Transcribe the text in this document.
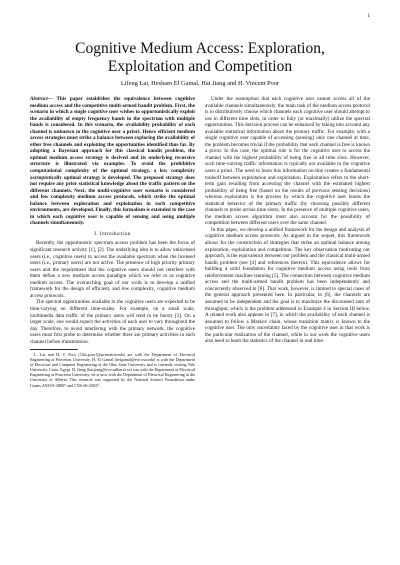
1
Cognitive Medium Access: Exploration,
Exploitation and Competition
Lifeng Lai, Hesham El Gamal, Hai Jiang and H. Vincent Poor

Abstract— This paper establishes the equivalence between cognitive medium access and the competitive multi-armed bandit problem. First, the scenario in which a single cognitive user wishes to opportunistically exploit the availability of empty frequency bands in the spectrum with multiple bands is considered. In this scenario, the availability probability of each channel is unknown to the cognitive user a priori. Hence efficient medium access strategies must strike a balance between exploring the availability of other free channels and exploiting the opportunities identified thus far. By adopting a Bayesian approach for this classical bandit problem, the optimal medium access strategy is derived and its underlying recursive structure is illustrated via examples. To avoid the prohibitive computational complexity of the optimal strategy, a low complexity asymptotically optimal strategy is developed. The proposed strategy does not require any prior statistical knowledge about the traffic pattern on the different channels. Next, the multi-cognitive user scenario is considered and low complexity medium access protocols, which strike the optimal balance between exploration and exploitation in such competitive environments, are developed. Finally, this formalism is extended to the case in which each cognitive user is capable of sensing and using multiple channels simultaneously.

I. Introduction

Recently, the opportunistic spectrum access problem has been the focus of significant research activity [1], [2]. The underlying idea is to allow unlicensed users (i.e., cognitive users) to access the available spectrum when the licensed users (i.e., primary users) are not active. The presence of high priority primary users and the requirement that the cognitive users should not interfere with them define a new medium access paradigm which we refer to as cognitive medium access. The overarching goal of our work is to develop a unified framework for the design of efficient, and low complexity, cognitive medium access protocols.

The spectral opportunities available to the cognitive users are expected to be time-varying on different time-scales. For example, on a small scale, multimedia data traffic of the primary users will tend to be bursty [3]. On a larger scale, one would expect the activities of each user to vary throughout the day. Therefore, to avoid interfering with the primary network, the cognitive users must first probe to determine whether there are primary activities in each channel before transmission.

L. Lai and H. V. Poor ({llai,poor}@princeton.edu) are with the Department of Electrical Engineering at Princeton University. H. El Gamal (helgamal@ece.osu.edu) is with the Department of Electrical and Computer Engineering at the Ohio State University and is currently visiting Nile University, Cairo, Egypt. H. Jiang (hai.jiang@ece.ualberta.ca) was with the Department of Electrical Engineering at Princeton University; he is now with the Department of Electrical Engineering at the University of Alberta. This research was supported by the National Science Foundation under Grants ANI-03-38807 and CNS-06-25637.

Under the assumption that each cognitive user cannot access all of the available channels simultaneously, the main task of the medium access protocol is to distributively choose which channels each cognitive user should attempt to use in different time slots, in order to fully (or maximally) utilize the spectral opportunities. This decision process can be enhanced by taking into account any available statistical information about the primary traffic. For example, with a single cognitive user capable of accessing (sensing) only one channel at time, the problem becomes trivial if the probability that each channel is free is known a priori. In this case, the optimal rule is for the cognitive user to access the channel with the highest probability of being free in all time slots. However, such time-varying traffic information is typically not available to the cognitive users a priori. The need to learn this information on-line creates a fundamental tradeoff between exploitation and exploration. Exploitation refers to the short-term gain resulting from accessing the channel with the estimated highest probability of being free (based on the results of previous sensing decisions) whereas exploration is the process by which the cognitive user learns the statistical behavior of the primary traffic (by choosing possibly different channels to probe across time slots). In the presence of multiple cognitive users, the medium access algorithm must also account for the possibility of competition between different users over the same channel.

In this paper, we develop a unified framework for the design and analysis of cognitive medium access protocols. As argued in the sequel, this framework allows for the construction of strategies that strike an optimal balance among exploration, exploitation and competition. The key observation motivating our approach, is the equivalence between our problem and the classical multi-armed bandit problem (see [4] and references therein). This equivalence allows for building a solid foundation for cognitive medium access using tools from reinforcement machine learning [5]. The connection between cognitive medium access and the multi-armed bandit problem has been independently and concurrently observed in [6]. That work, however, is limited to special cases of the general approach presented here. In particular, in [6], the channels are assumed to be independent and the goal is to maximize the discounted sum of throughput, which is the problem addressed in Example 4 in Section III below. A related work also appears in [7], in which the availability of each channel is assumed to follow a Markov chain, whose transition matrix is known to the cognitive user. The only uncertainty faced by the cognitive user in that work is the particular realization of the channel, while in our work the cognitive users also need to learn the statistics of the channel in real time.
